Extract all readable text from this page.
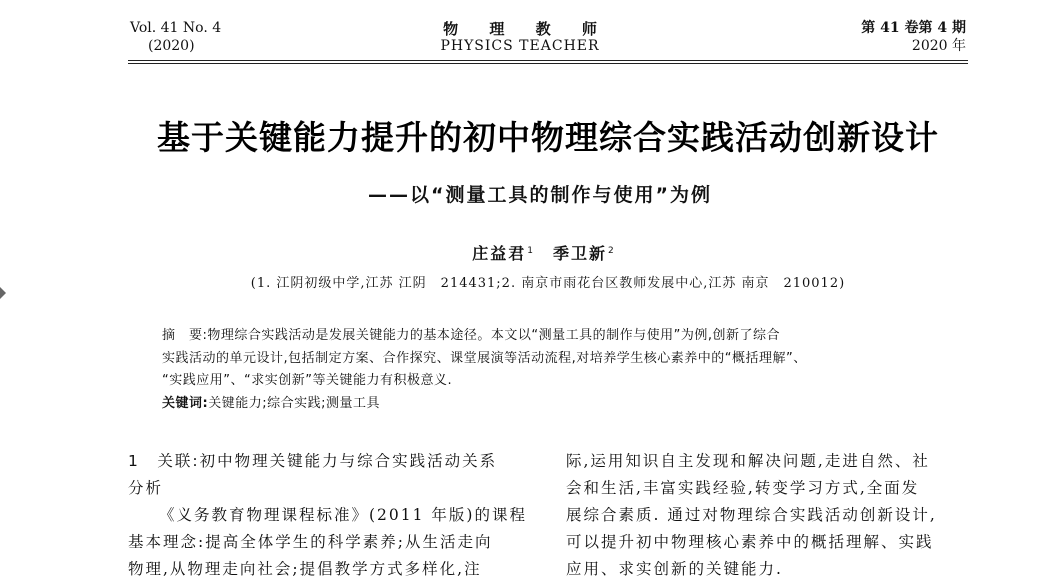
Vol. 41 No. 4
(2020)
物 理 教 师
PHYSICS TEACHER
第 41 卷第 4 期
2020 年
基于关键能力提升的初中物理综合实践活动创新设计
——以“测量工具的制作与使用”为例
庄益君$^1$ 季卫新$^2$
(1. 江阴初级中学,江苏 江阴　214431;2. 南京市雨花台区教师发展中心,江苏 南京　210012)
摘　要:物理综合实践活动是发展关键能力的基本途径。本文以“测量工具的制作与使用”为例,创新了综合
实践活动的单元设计,包括制定方案、合作探究、课堂展演等活动流程,对培养学生核心素养中的“概括理解”、
“实践应用”、“求实创新”等关键能力有积极意义.
关键词:关键能力;综合实践;测量工具
1　关联:初中物理关键能力与综合实践活动关系
分析
《义务教育物理课程标准》(2011 年版)的课程
基本理念:提高全体学生的科学素养;从生活走向
物理,从物理走向社会;提倡教学方式多样化,注
际,运用知识自主发现和解决问题,走进自然、社
会和生活,丰富实践经验,转变学习方式,全面发
展综合素质. 通过对物理综合实践活动创新设计,
可以提升初中物理核心素养中的概括理解、实践
应用、求实创新的关键能力.
